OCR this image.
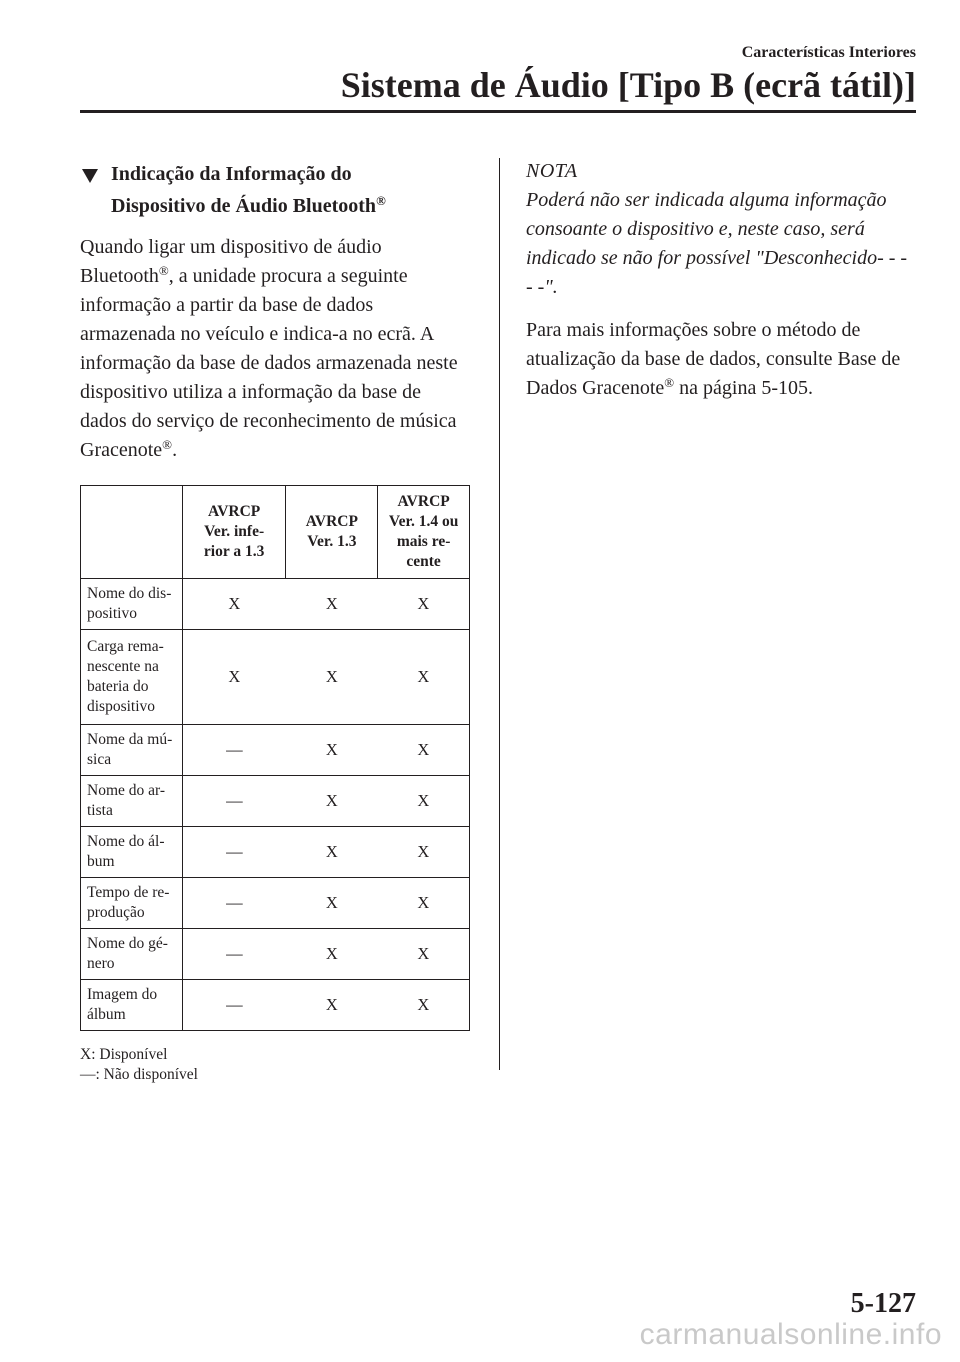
Características Interiores
Sistema de Áudio [Tipo B (ecrã tátil)]
Indicação da Informação do
Dispositivo de Áudio Bluetooth®

Quando ligar um dispositivo de áudio Bluetooth®, a unidade procura a seguinte informação a partir da base de dados armazenada no veículo e indica-a no ecrã. A informação da base de dados armazenada neste dispositivo utiliza a informação da base de dados do serviço de reconhecimento de música Gracenote®.

	AVRCP
Ver. infe-
rior a 1.3	AVRCP
Ver. 1.3	AVRCP
Ver. 1.4 ou
mais re-
cente
Nome do dis-
positivo	X	X	X
Carga rema-
nescente na
bateria do
dispositivo	X	X	X
Nome da mú-
sica	—	X	X
Nome do ar-
tista	—	X	X
Nome do ál-
bum	—	X	X
Tempo de re-
produção	—	X	X
Nome do gé-
nero	—	X	X
Imagem do
álbum	—	X	X
X: Disponível
—: Não disponível
NOTA

Poderá não ser indicada alguma informação consoante o dispositivo e, neste caso, será indicado se não for possível "Desconhecido- - - - -".

Para mais informações sobre o método de atualização da base de dados, consulte Base de Dados Gracenote® na página 5-105.

5-127
carmanualsonline.info
